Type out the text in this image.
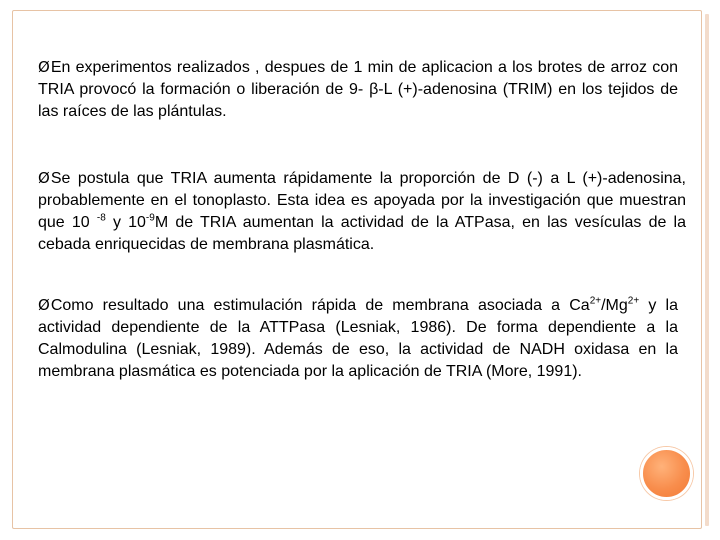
ØEn experimentos realizados , despues de 1 min de aplicacion a los brotes de arroz con TRIA provocó la formación o liberación de 9- β-L (+)-adenosina (TRIM) en los tejidos de las raíces de las plántulas.

ØSe postula que TRIA aumenta rápidamente la proporción de D (-) a L (+)-adenosina, probablemente en el tonoplasto. Esta idea es apoyada por la investigación que muestran que 10 $^{-8}$ y $10^{-9}M$ de TRIA aumentan la actividad de la ATPasa, en las vesículas de la cebada enriquecidas de membrana plasmática.

ØComo resultado una estimulación rápida de membrana asociada a $Ca^{2+}/Mg^{2+}$ y la actividad dependiente de la ATTPasa (Lesniak, 1986). De forma dependiente a la Calmodulina (Lesniak, 1989). Además de eso, la actividad de NADH oxidasa en la membrana plasmática es potenciada por la aplicación de TRIA (More, 1991).
